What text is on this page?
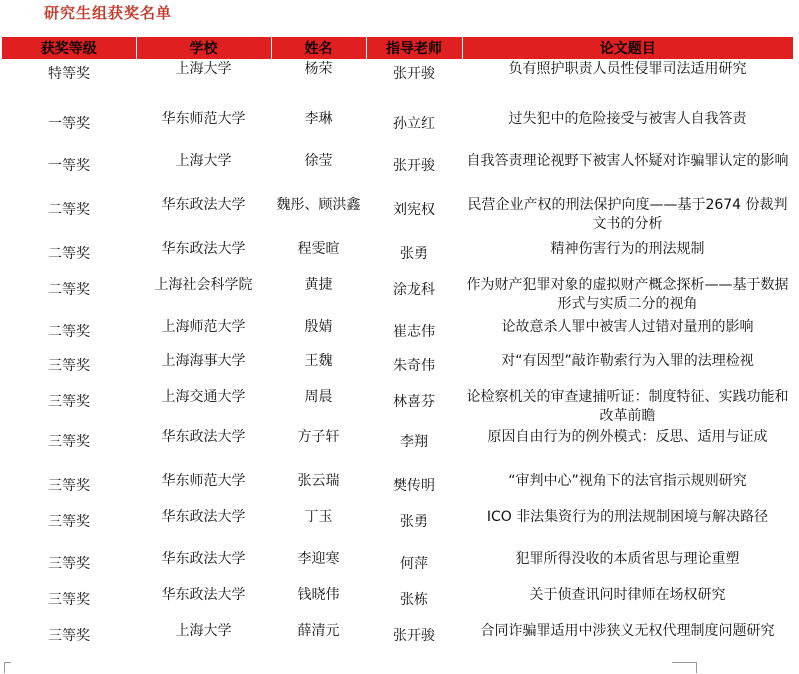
研究生组获奖名单
获奖等级	学校	姓名	指导老师	论文题目
特等奖	上海大学	杨荣	张开骏	负有照护职责人员性侵罪司法适用研究
一等奖	华东师范大学	李琳	孙立红	过失犯中的危险接受与被害人自我答责
一等奖	上海大学	徐莹	张开骏	自我答责理论视野下被害人怀疑对诈骗罪认定的影响
二等奖	华东政法大学	魏彤、顾洪鑫	刘宪权	民营企业产权的刑法保护向度——基于2674 份裁判文书的分析
二等奖	华东政法大学	程雯暄	张勇	精神伤害行为的刑法规制
二等奖	上海社会科学院	黄捷	涂龙科	作为财产犯罪对象的虚拟财产概念探析——基于数据形式与实质二分的视角
二等奖	上海师范大学	殷婧	崔志伟	论故意杀人罪中被害人过错对量刑的影响
三等奖	上海海事大学	王魏	朱奇伟	对“有因型”敲诈勒索行为入罪的法理检视
三等奖	上海交通大学	周晨	林喜芬	论检察机关的审查逮捕听证：制度特征、实践功能和改革前瞻
三等奖	华东政法大学	方子轩	李翔	原因自由行为的例外模式：反思、适用与证成
三等奖	华东师范大学	张云瑞	樊传明	“审判中心”视角下的法官指示规则研究
三等奖	华东政法大学	丁玉	张勇	ICO 非法集资行为的刑法规制困境与解决路径
三等奖	华东政法大学	李迎寒	何萍	犯罪所得没收的本质省思与理论重塑
三等奖	华东政法大学	钱晓伟	张栋	关于侦查讯问时律师在场权研究
三等奖	上海大学	薛清元	张开骏	合同诈骗罪适用中涉狭义无权代理制度问题研究
